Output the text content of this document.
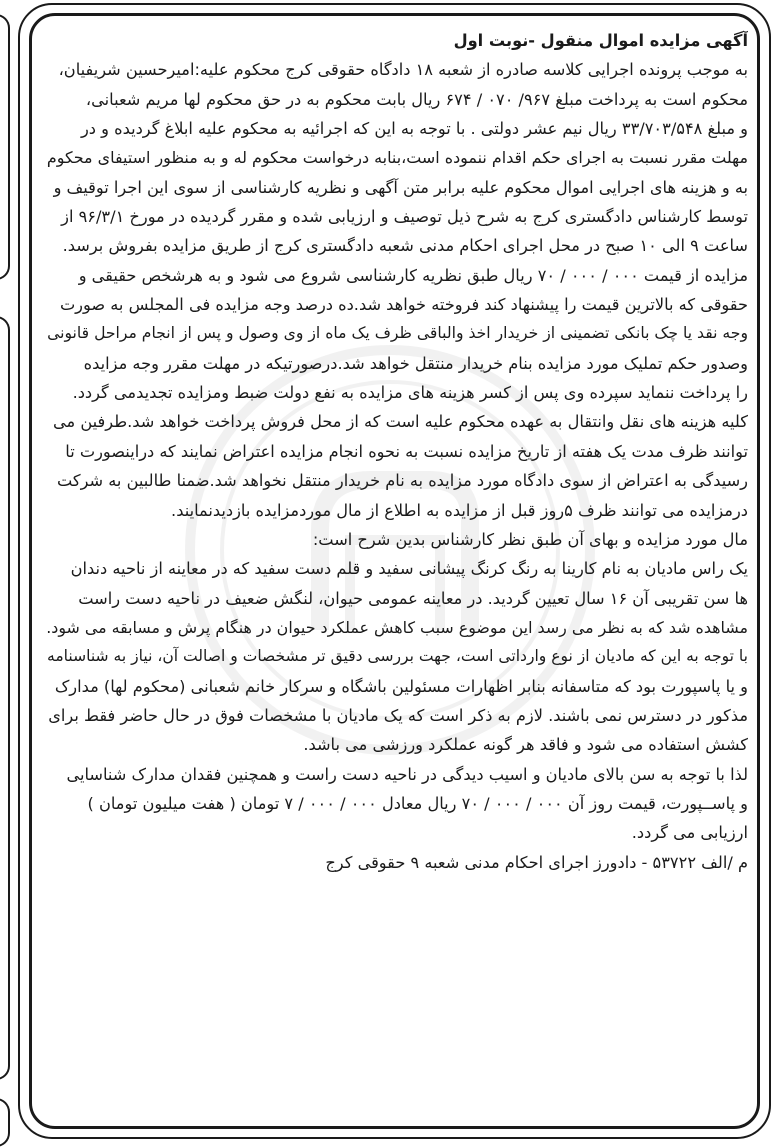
آگهی مزایده اموال منقول -نوبت اول
به موجب پرونده اجرایی کلاسه صادره از شعبه ۱۸ دادگاه حقوقی کرج محکوم علیه:امیرحسین شریفیان،
محکوم است به پرداخت مبلغ ۹۶۷/ ۰۷۰ / ۶۷۴ ریال بابت محکوم به در حق محکوم لها مریم شعبانی،
و مبلغ ۳۳/۷۰۳/۵۴۸ ریال نیم عشر دولتی . با توجه به این که اجرائیه به محکوم علیه ابلاغ گردیده و در
مهلت مقرر نسبت به اجرای حکم اقدام ننموده است،بنابه درخواست محکوم له و به منظور استیفای محکوم
به و هزینه های اجرایی اموال محکوم علیه برابر متن آگهی و نظریه کارشناسی از سوی این اجرا توقیف و
توسط کارشناس دادگستری کرج به شرح ذیل توصیف و ارزیابی شده و مقرر گردیده در مورخ ۹۶/۳/۱ از
ساعت ۹ الی ۱۰ صبح در محل اجرای احکام مدنی شعبه دادگستری کرج از طریق مزایده بفروش برسد.
مزایده از قیمت ۰۰۰ / ۰۰۰ / ۷۰ ریال طبق نظریه کارشناسی شروع می شود و به هرشخص حقیقی و
حقوقی که بالاترین قیمت را پیشنهاد کند فروخته خواهد شد.ده درصد وجه مزایده فی المجلس به صورت
وجه نقد یا چک بانکی تضمینی از خریدار اخذ والباقی ظرف یک ماه از وی وصول و پس از انجام مراحل قانونی
وصدور حکم تملیک مورد مزایده بنام خریدار منتقل خواهد شد.درصورتیکه در مهلت مقرر وجه مزایده
را پرداخت ننماید سپرده وی پس از کسر هزینه های مزایده به نفع دولت ضبط ومزایده تجدیدمی گردد.
کلیه هزینه های نقل وانتقال به عهده محکوم علیه است که از محل فروش پرداخت خواهد شد.طرفین می
توانند ظرف مدت یک هفته از تاریخ مزایده نسبت به نحوه انجام مزایده اعتراض نمایند که دراینصورت تا
رسیدگی به اعتراض از سوی دادگاه مورد مزایده به نام خریدار منتقل نخواهد شد.ضمنا طالبین به شرکت
درمزایده می توانند ظرف ۵روز قبل از مزایده به اطلاع از مال موردمزایده بازدیدنمایند.
مال مورد مزایده و بهای آن طبق نظر کارشناس بدین شرح است:
یک راس مادیان به نام کارینا به رنگ کرنگ پیشانی سفید و قلم دست سفید که در معاینه از ناحیه دندان
ها سن تقریبی آن ۱۶ سال تعیین گردید. در معاینه عمومی حیوان، لنگش ضعیف در ناحیه دست راست
مشاهده شد که به نظر می رسد این موضوع سبب کاهش عملکرد حیوان در هنگام پرش و مسابقه می شود.
با توجه به این که مادیان از نوع وارداتی است، جهت بررسی دقیق تر مشخصات و اصالت آن، نیاز به شناسنامه
و یا پاسپورت بود که متاسفانه بنابر اظهارات مسئولین باشگاه و سرکار خانم شعبانی (محکوم لها) مدارک
مذکور در دسترس نمی باشند. لازم به ذکر است که یک مادیان با مشخصات فوق در حال حاضر فقط برای
کشش استفاده می شود و فاقد هر گونه عملکرد ورزشی می باشد.
لذا با توجه به سن بالای مادیان و اسیب دیدگی در ناحیه دست راست و همچنین فقدان مدارک شناسایی
و پاســپورت، قیمت روز آن ۰۰۰ / ۰۰۰ / ۷۰ ریال معادل ۰۰۰ / ۰۰۰ / ۷ تومان ( هفت میلیون تومان )
ارزیابی می گردد.
م /الف ۵۳۷۲۲ - دادورز اجرای احکام مدنی شعبه ۹ حقوقی کرج
